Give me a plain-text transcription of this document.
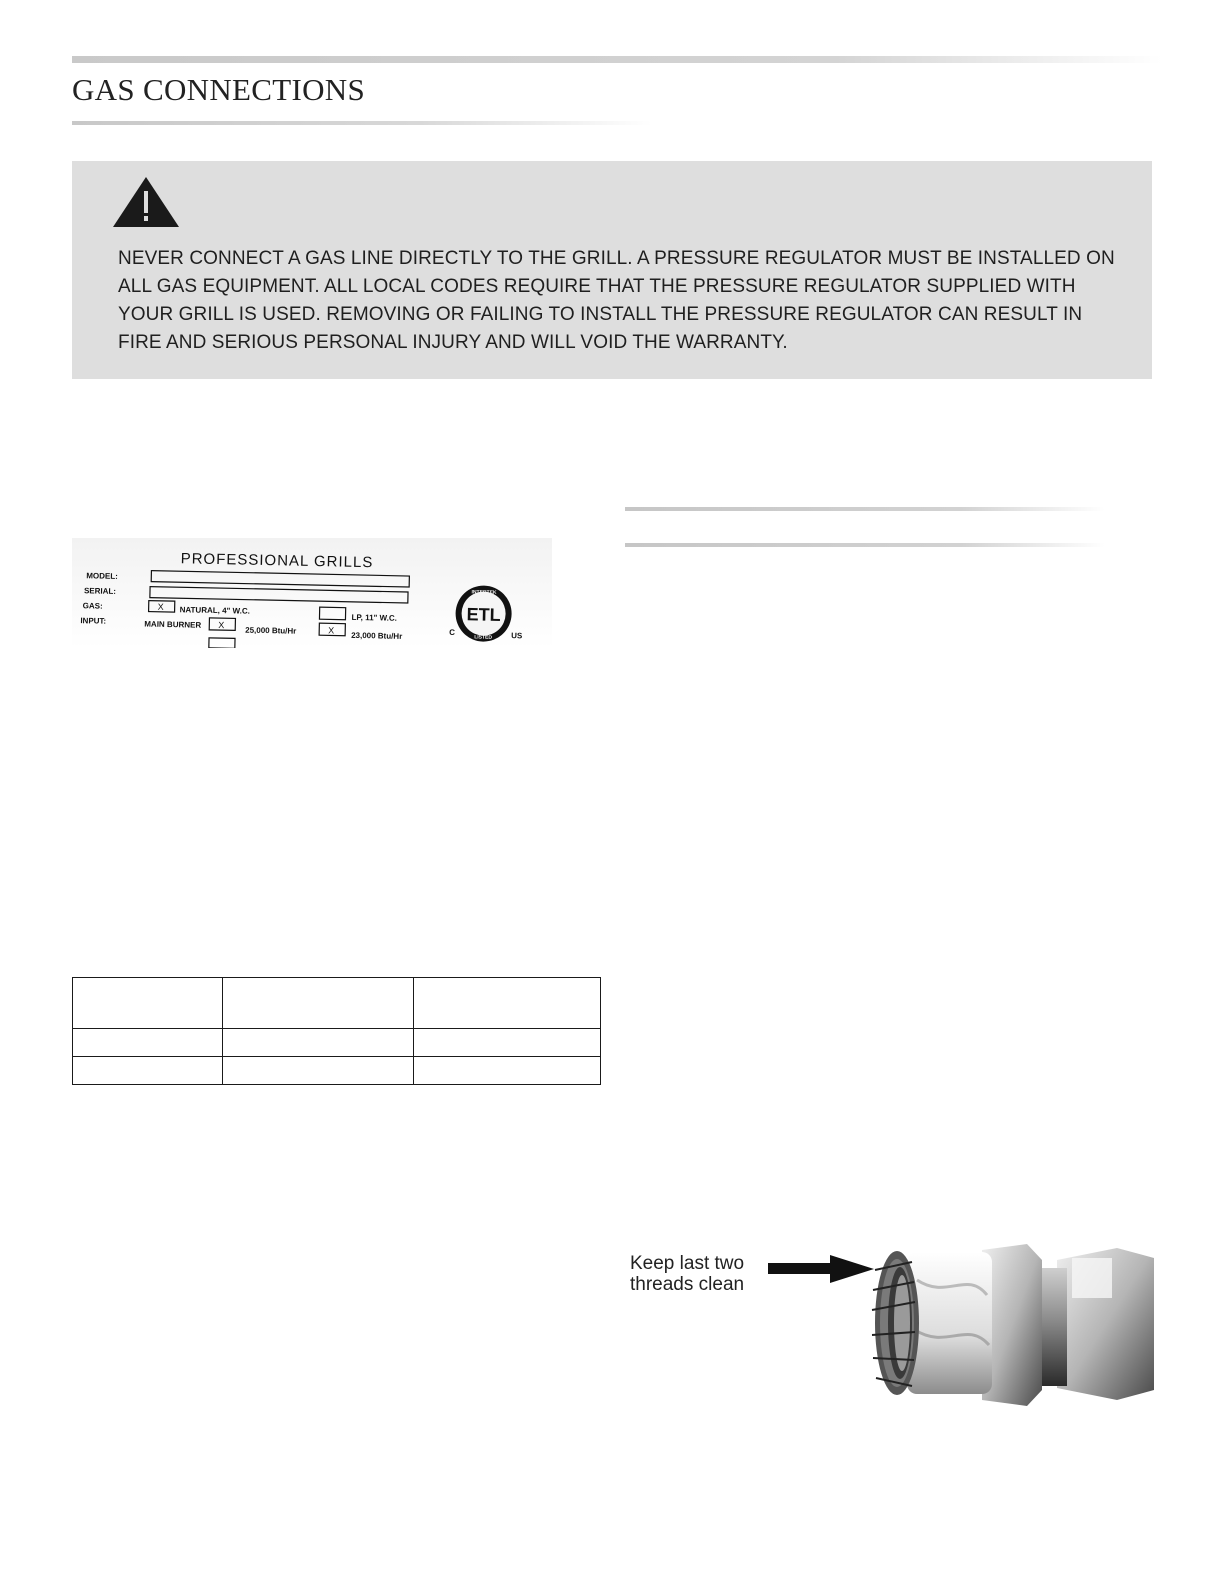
GAS CONNECTIONS
NEVER CONNECT A GAS LINE DIRECTLY TO THE GRILL. A PRESSURE REGULATOR MUST BE INSTALLED ON ALL GAS EQUIPMENT. ALL LOCAL CODES REQUIRE THAT THE PRESSURE REGULATOR SUPPLIED WITH YOUR GRILL IS USED. REMOVING OR FAILING TO INSTALL THE PRESSURE REGULATOR CAN RESULT IN FIRE AND SERIOUS PERSONAL INJURY AND WILL VOID THE WARRANTY.
PROFESSIONAL GRILLS
MODEL:
SERIAL:
GAS:
INPUT:
X NATURAL, 4" W.C.
LP, 11" W.C.
MAIN BURNER X
25,000 Btu/Hr	X
23,000 Btu/Hr
ETL
INTERTEK
LISTED
C	US

Keep last two
threads clean
